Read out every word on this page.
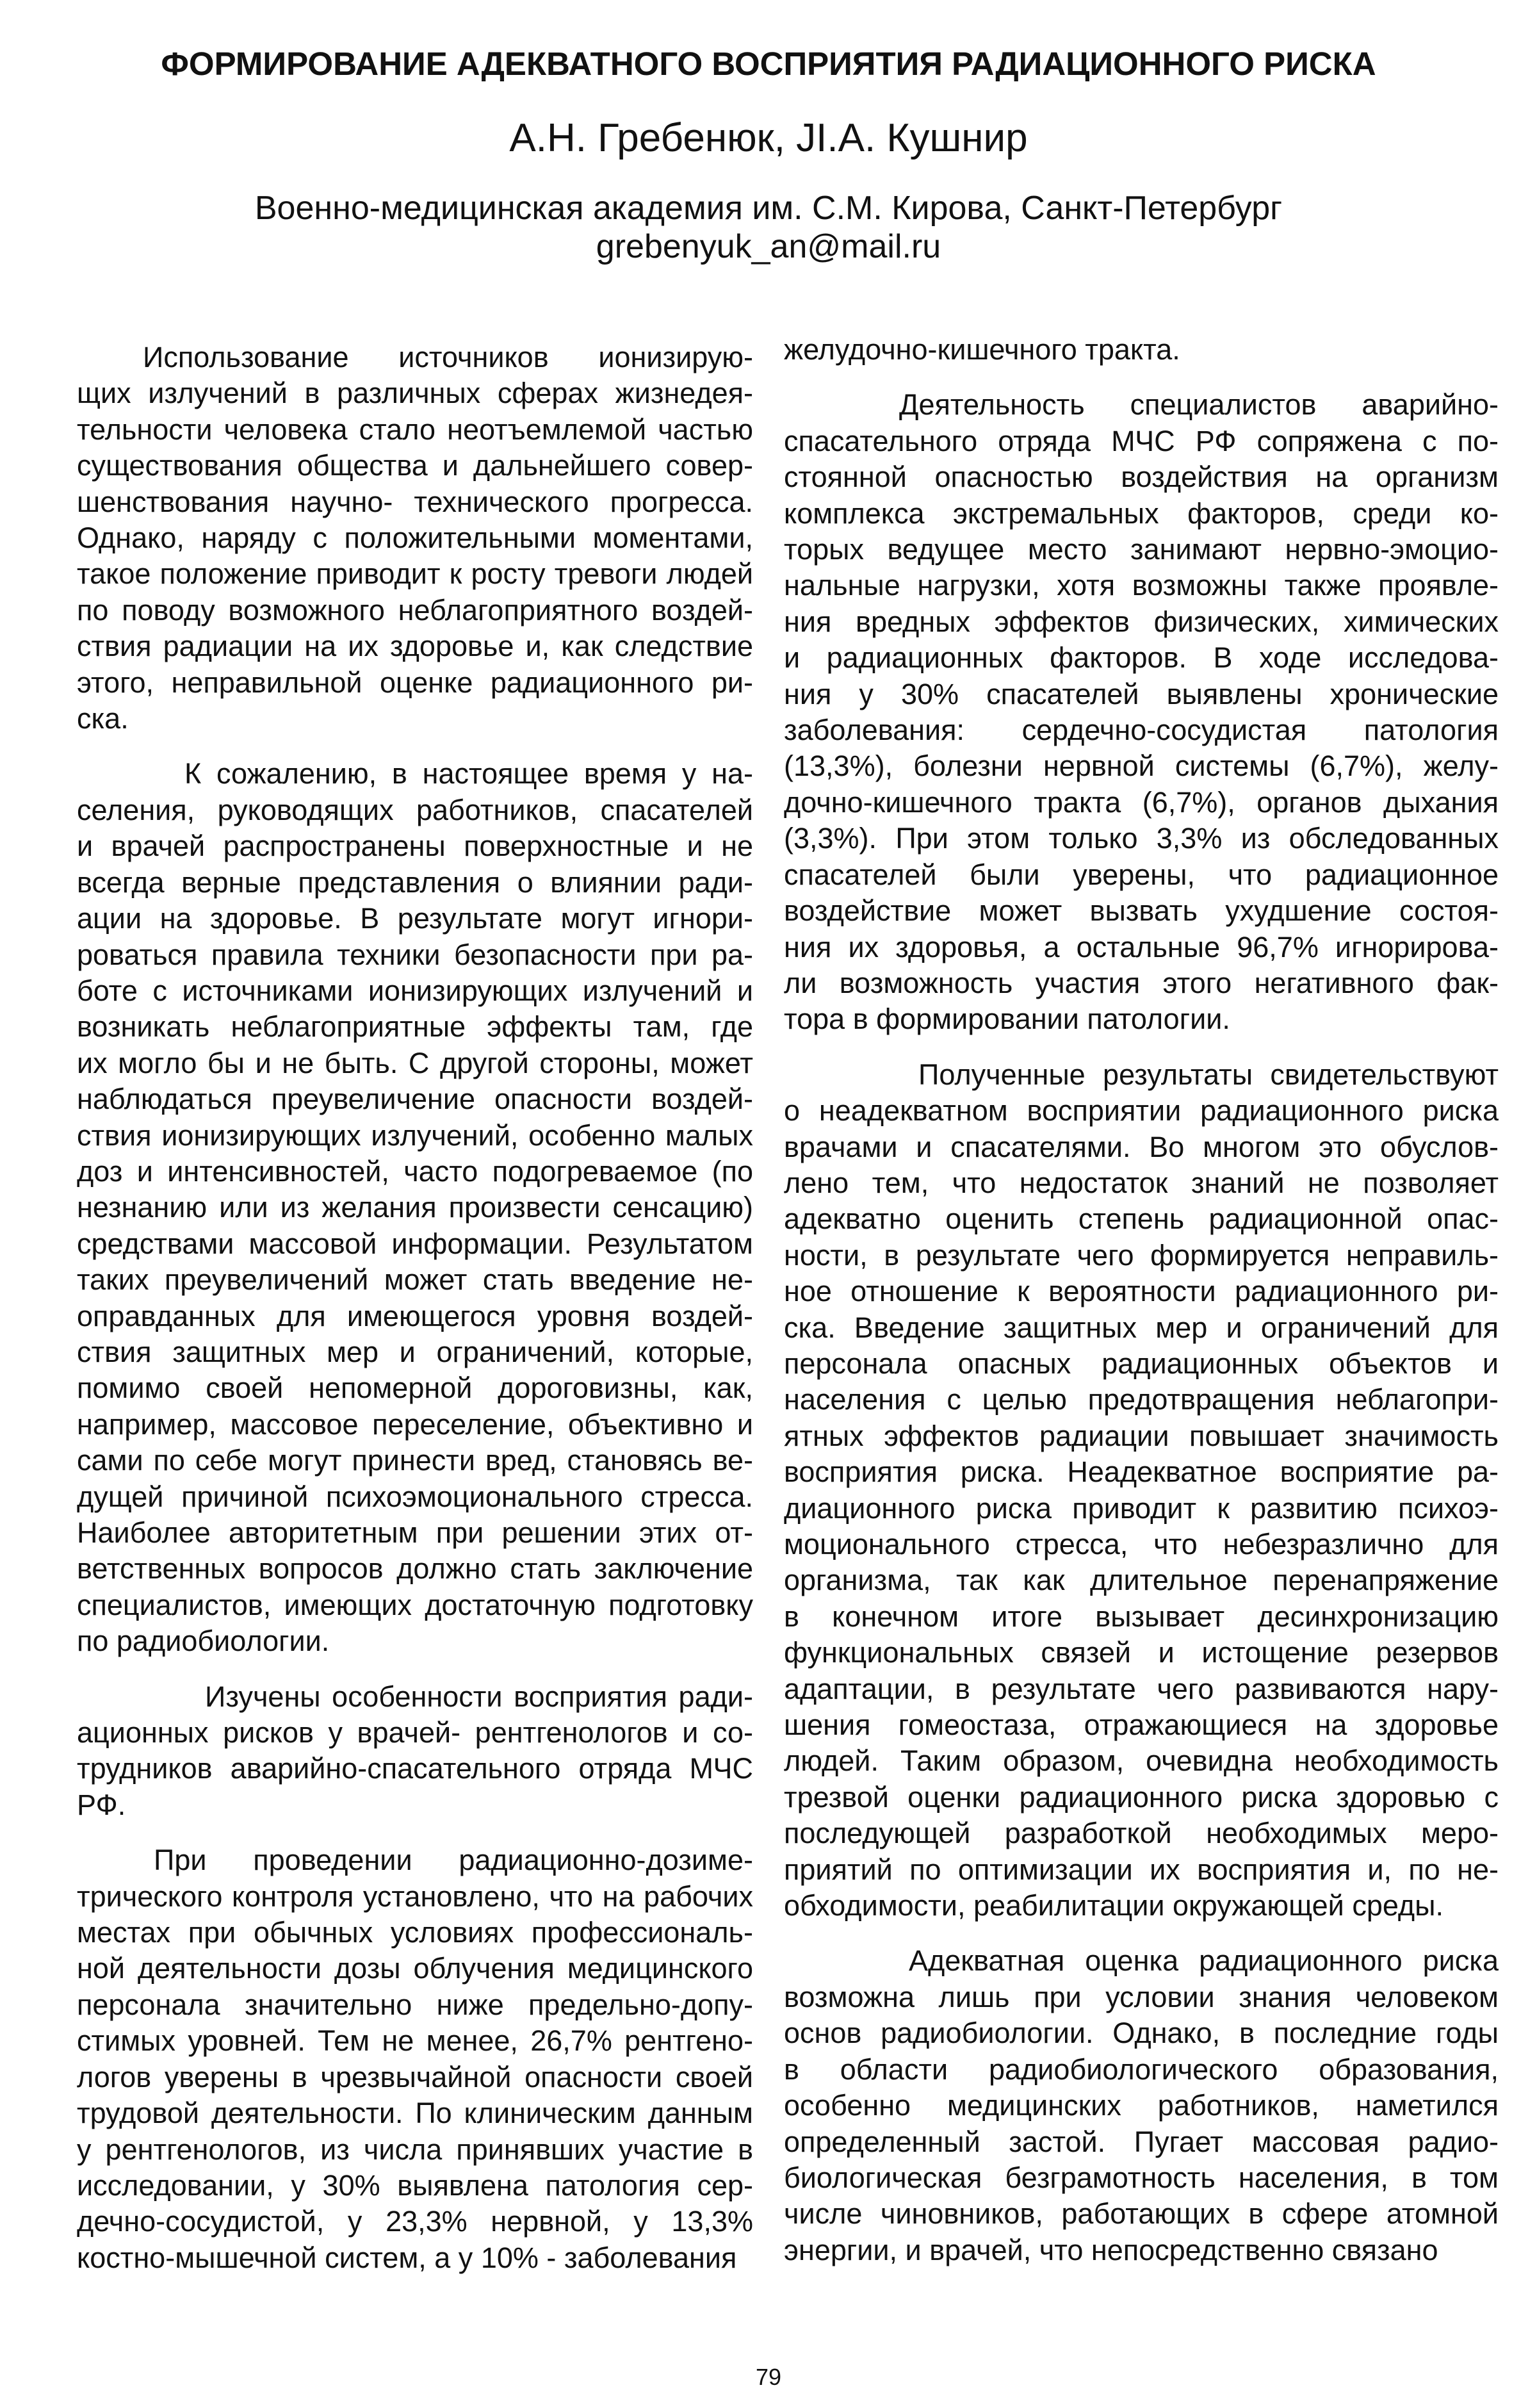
ФОРМИРОВАНИЕ АДЕКВАТНОГО ВОСПРИЯТИЯ РАДИАЦИОННОГО РИСКА
А.Н. Гребенюк, JI.A. Кушнир
Военно-медицинская академия им. С.М. Кирова, Санкт-Петербург
grebenyuk_an@mail.ru
Использование источников ионизирую-
щих излучений в различных сферах жизнедея-
тельности человека стало неотъемлемой частью
существования общества и дальнейшего совер-
шенствования научно- технического прогресса.
Однако, наряду с положительными моментами,
такое положение приводит к росту тревоги людей
по поводу возможного неблагоприятного воздей-
ствия радиации на их здоровье и, как следствие
этого, неправильной оценке радиационного ри-
ска.
К сожалению, в настоящее время у на-
селения, руководящих работников, спасателей
и врачей распространены поверхностные и не
всегда верные представления о влиянии ради-
ации на здоровье. В результате могут игнори-
роваться правила техники безопасности при ра-
боте с источниками ионизирующих излучений и
возникать неблагоприятные эффекты там, где
их могло бы и не быть. С другой стороны, может
наблюдаться преувеличение опасности воздей-
ствия ионизирующих излучений, особенно малых
доз и интенсивностей, часто подогреваемое (по
незнанию или из желания произвести сенсацию)
средствами массовой информации. Результатом
таких преувеличений может стать введение не-
оправданных для имеющегося уровня воздей-
ствия защитных мер и ограничений, которые,
помимо своей непомерной дороговизны, как,
например, массовое переселение, объективно и
сами по себе могут принести вред, становясь ве-
дущей причиной психоэмоционального стресса.
Наиболее авторитетным при решении этих от-
ветственных вопросов должно стать заключение
специалистов, имеющих достаточную подготовку
по радиобиологии.
Изучены особенности восприятия ради-
ационных рисков у врачей- рентгенологов и со-
трудников аварийно-спасательного отряда МЧС
РФ.
При проведении радиационно-дозиме-
трического контроля установлено, что на рабочих
местах при обычных условиях профессиональ-
ной деятельности дозы облучения медицинского
персонала значительно ниже предельно-допу-
стимых уровней. Тем не менее, 26,7% рентгено-
логов уверены в чрезвычайной опасности своей
трудовой деятельности. По клиническим данным
у рентгенологов, из числа принявших участие в
исследовании, у 30% выявлена патология сер-
дечно-сосудистой, у 23,3% нервной, у 13,3%
костно-мышечной систем, а у 10% - заболевания
желудочно-кишечного тракта.
Деятельность специалистов аварийно-
спасательного отряда МЧС РФ сопряжена с по-
стоянной опасностью воздействия на организм
комплекса экстремальных факторов, среди ко-
торых ведущее место занимают нервно-эмоцио-
нальные нагрузки, хотя возможны также проявле-
ния вредных эффектов физических, химических
и радиационных факторов. В ходе исследова-
ния у 30% спасателей выявлены хронические
заболевания: сердечно-сосудистая патология
(13,3%), болезни нервной системы (6,7%), желу-
дочно-кишечного тракта (6,7%), органов дыхания
(3,3%). При этом только 3,3% из обследованных
спасателей были уверены, что радиационное
воздействие может вызвать ухудшение состоя-
ния их здоровья, а остальные 96,7% игнорирова-
ли возможность участия этого негативного фак-
тора в формировании патологии.
Полученные результаты свидетельствуют
о неадекватном восприятии радиационного риска
врачами и спасателями. Во многом это обуслов-
лено тем, что недостаток знаний не позволяет
адекватно оценить степень радиационной опас-
ности, в результате чего формируется неправиль-
ное отношение к вероятности радиационного ри-
ска. Введение защитных мер и ограничений для
персонала опасных радиационных объектов и
населения с целью предотвращения неблагопри-
ятных эффектов радиации повышает значимость
восприятия риска. Неадекватное восприятие ра-
диационного риска приводит к развитию психоэ-
моционального стресса, что небезразлично для
организма, так как длительное перенапряжение
в конечном итоге вызывает десинхронизацию
функциональных связей и истощение резервов
адаптации, в результате чего развиваются нару-
шения гомеостаза, отражающиеся на здоровье
людей. Таким образом, очевидна необходимость
трезвой оценки радиационного риска здоровью с
последующей разработкой необходимых меро-
приятий по оптимизации их восприятия и, по не-
обходимости, реабилитации окружающей среды.
Адекватная оценка радиационного риска
возможна лишь при условии знания человеком
основ радиобиологии. Однако, в последние годы
в области радиобиологического образования,
особенно медицинских работников, наметился
определенный застой. Пугает массовая радио-
биологическая безграмотность населения, в том
числе чиновников, работающих в сфере атомной
энергии, и врачей, что непосредственно связано
79
